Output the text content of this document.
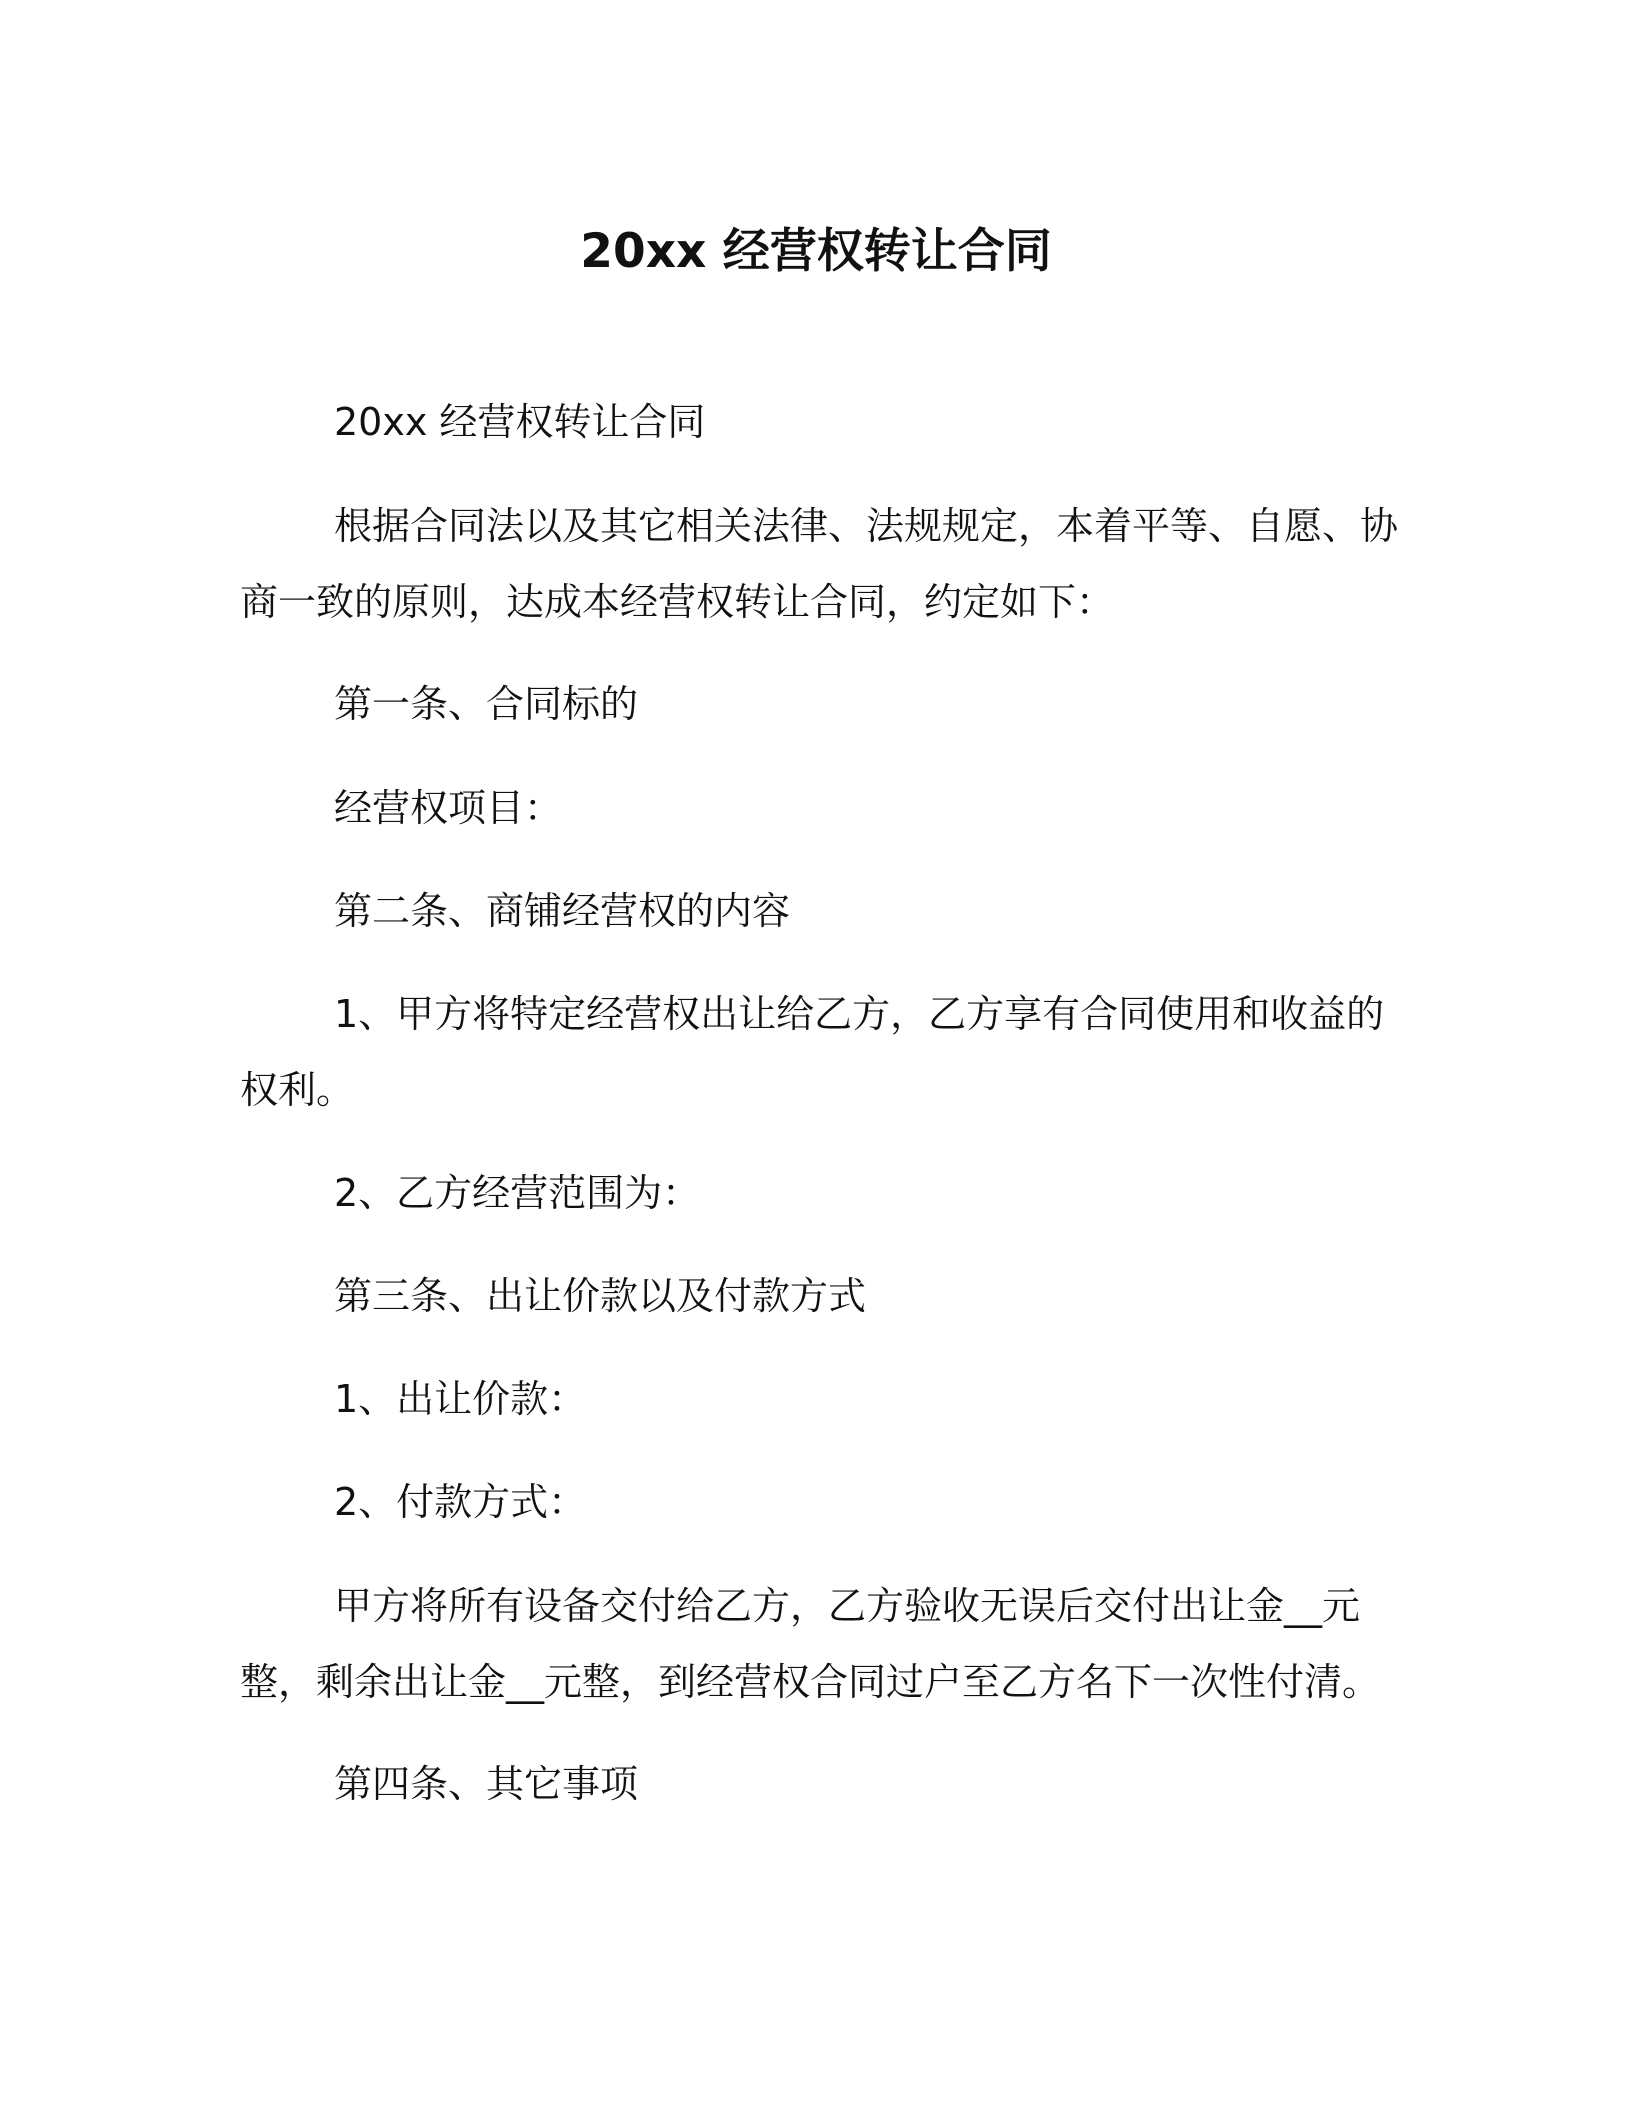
20xx 经营权转让合同

20xx 经营权转让合同

根据合同法以及其它相关法律、法规规定，本着平等、自愿、协商一致的原则，达成本经营权转让合同，约定如下：

第一条、合同标的

经营权项目：

第二条、商铺经营权的内容

1、甲方将特定经营权出让给乙方，乙方享有合同使用和收益的权利。

2、乙方经营范围为：

第三条、出让价款以及付款方式

1、出让价款：

2、付款方式：

甲方将所有设备交付给乙方，乙方验收无误后交付出让金__元整，剩余出让金__元整，到经营权合同过户至乙方名下一次性付清。

第四条、其它事项
